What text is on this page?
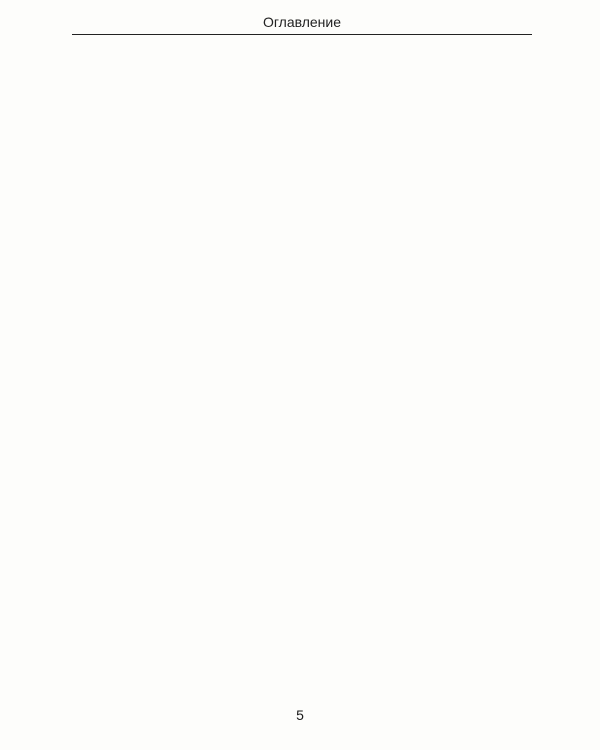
Оглавление
5
